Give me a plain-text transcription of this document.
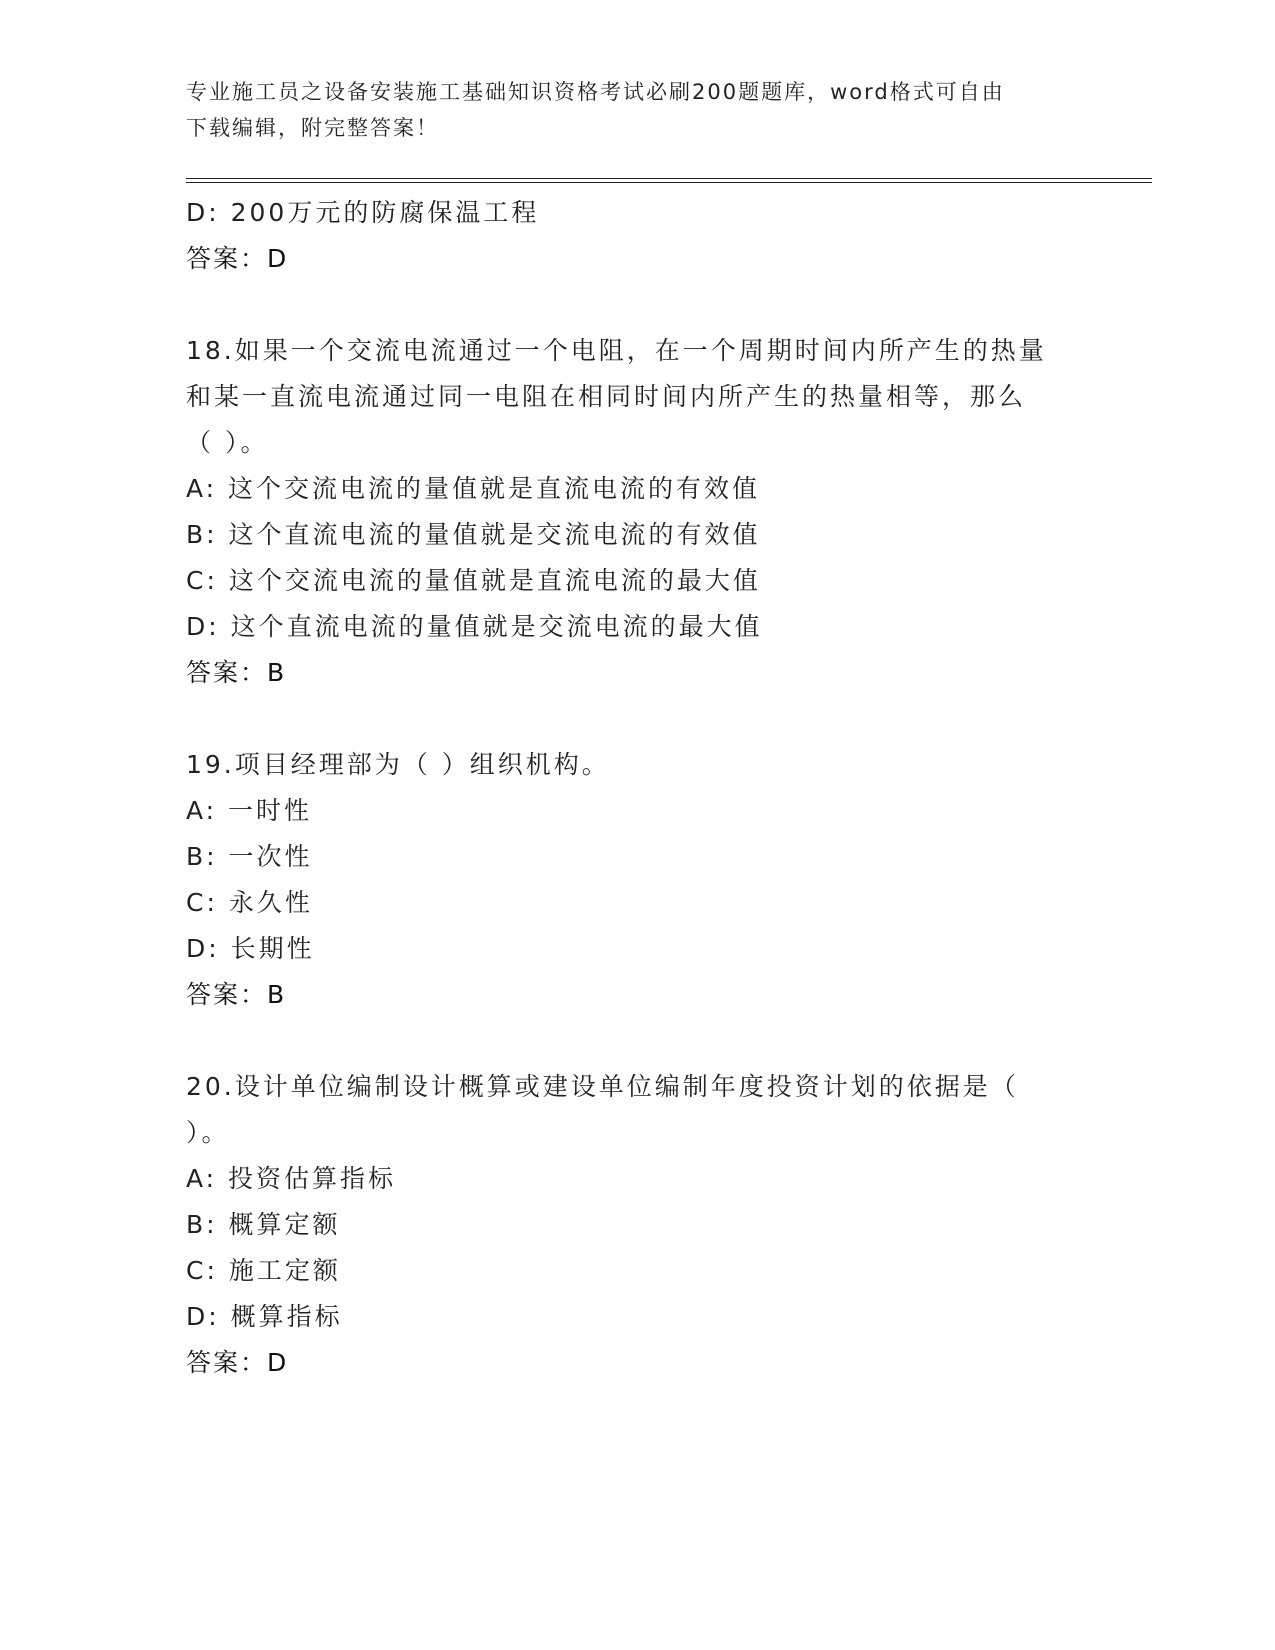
专业施工员之设备安装施工基础知识资格考试必刷200题题库，word格式可自由
下载编辑，附完整答案！
D: 200万元的防腐保温工程
答案：D
18.如果一个交流电流通过一个电阻，在一个周期时间内所产生的热量
和某一直流电流通过同一电阻在相同时间内所产生的热量相等，那么
（ ）。
A: 这个交流电流的量值就是直流电流的有效值
B: 这个直流电流的量值就是交流电流的有效值
C: 这个交流电流的量值就是直流电流的最大值
D: 这个直流电流的量值就是交流电流的最大值
答案：B
19.项目经理部为（ ）组织机构。
A: 一时性
B: 一次性
C: 永久性
D: 长期性
答案：B
20.设计单位编制设计概算或建设单位编制年度投资计划的依据是（
）。
A: 投资估算指标
B: 概算定额
C: 施工定额
D: 概算指标
答案：D
